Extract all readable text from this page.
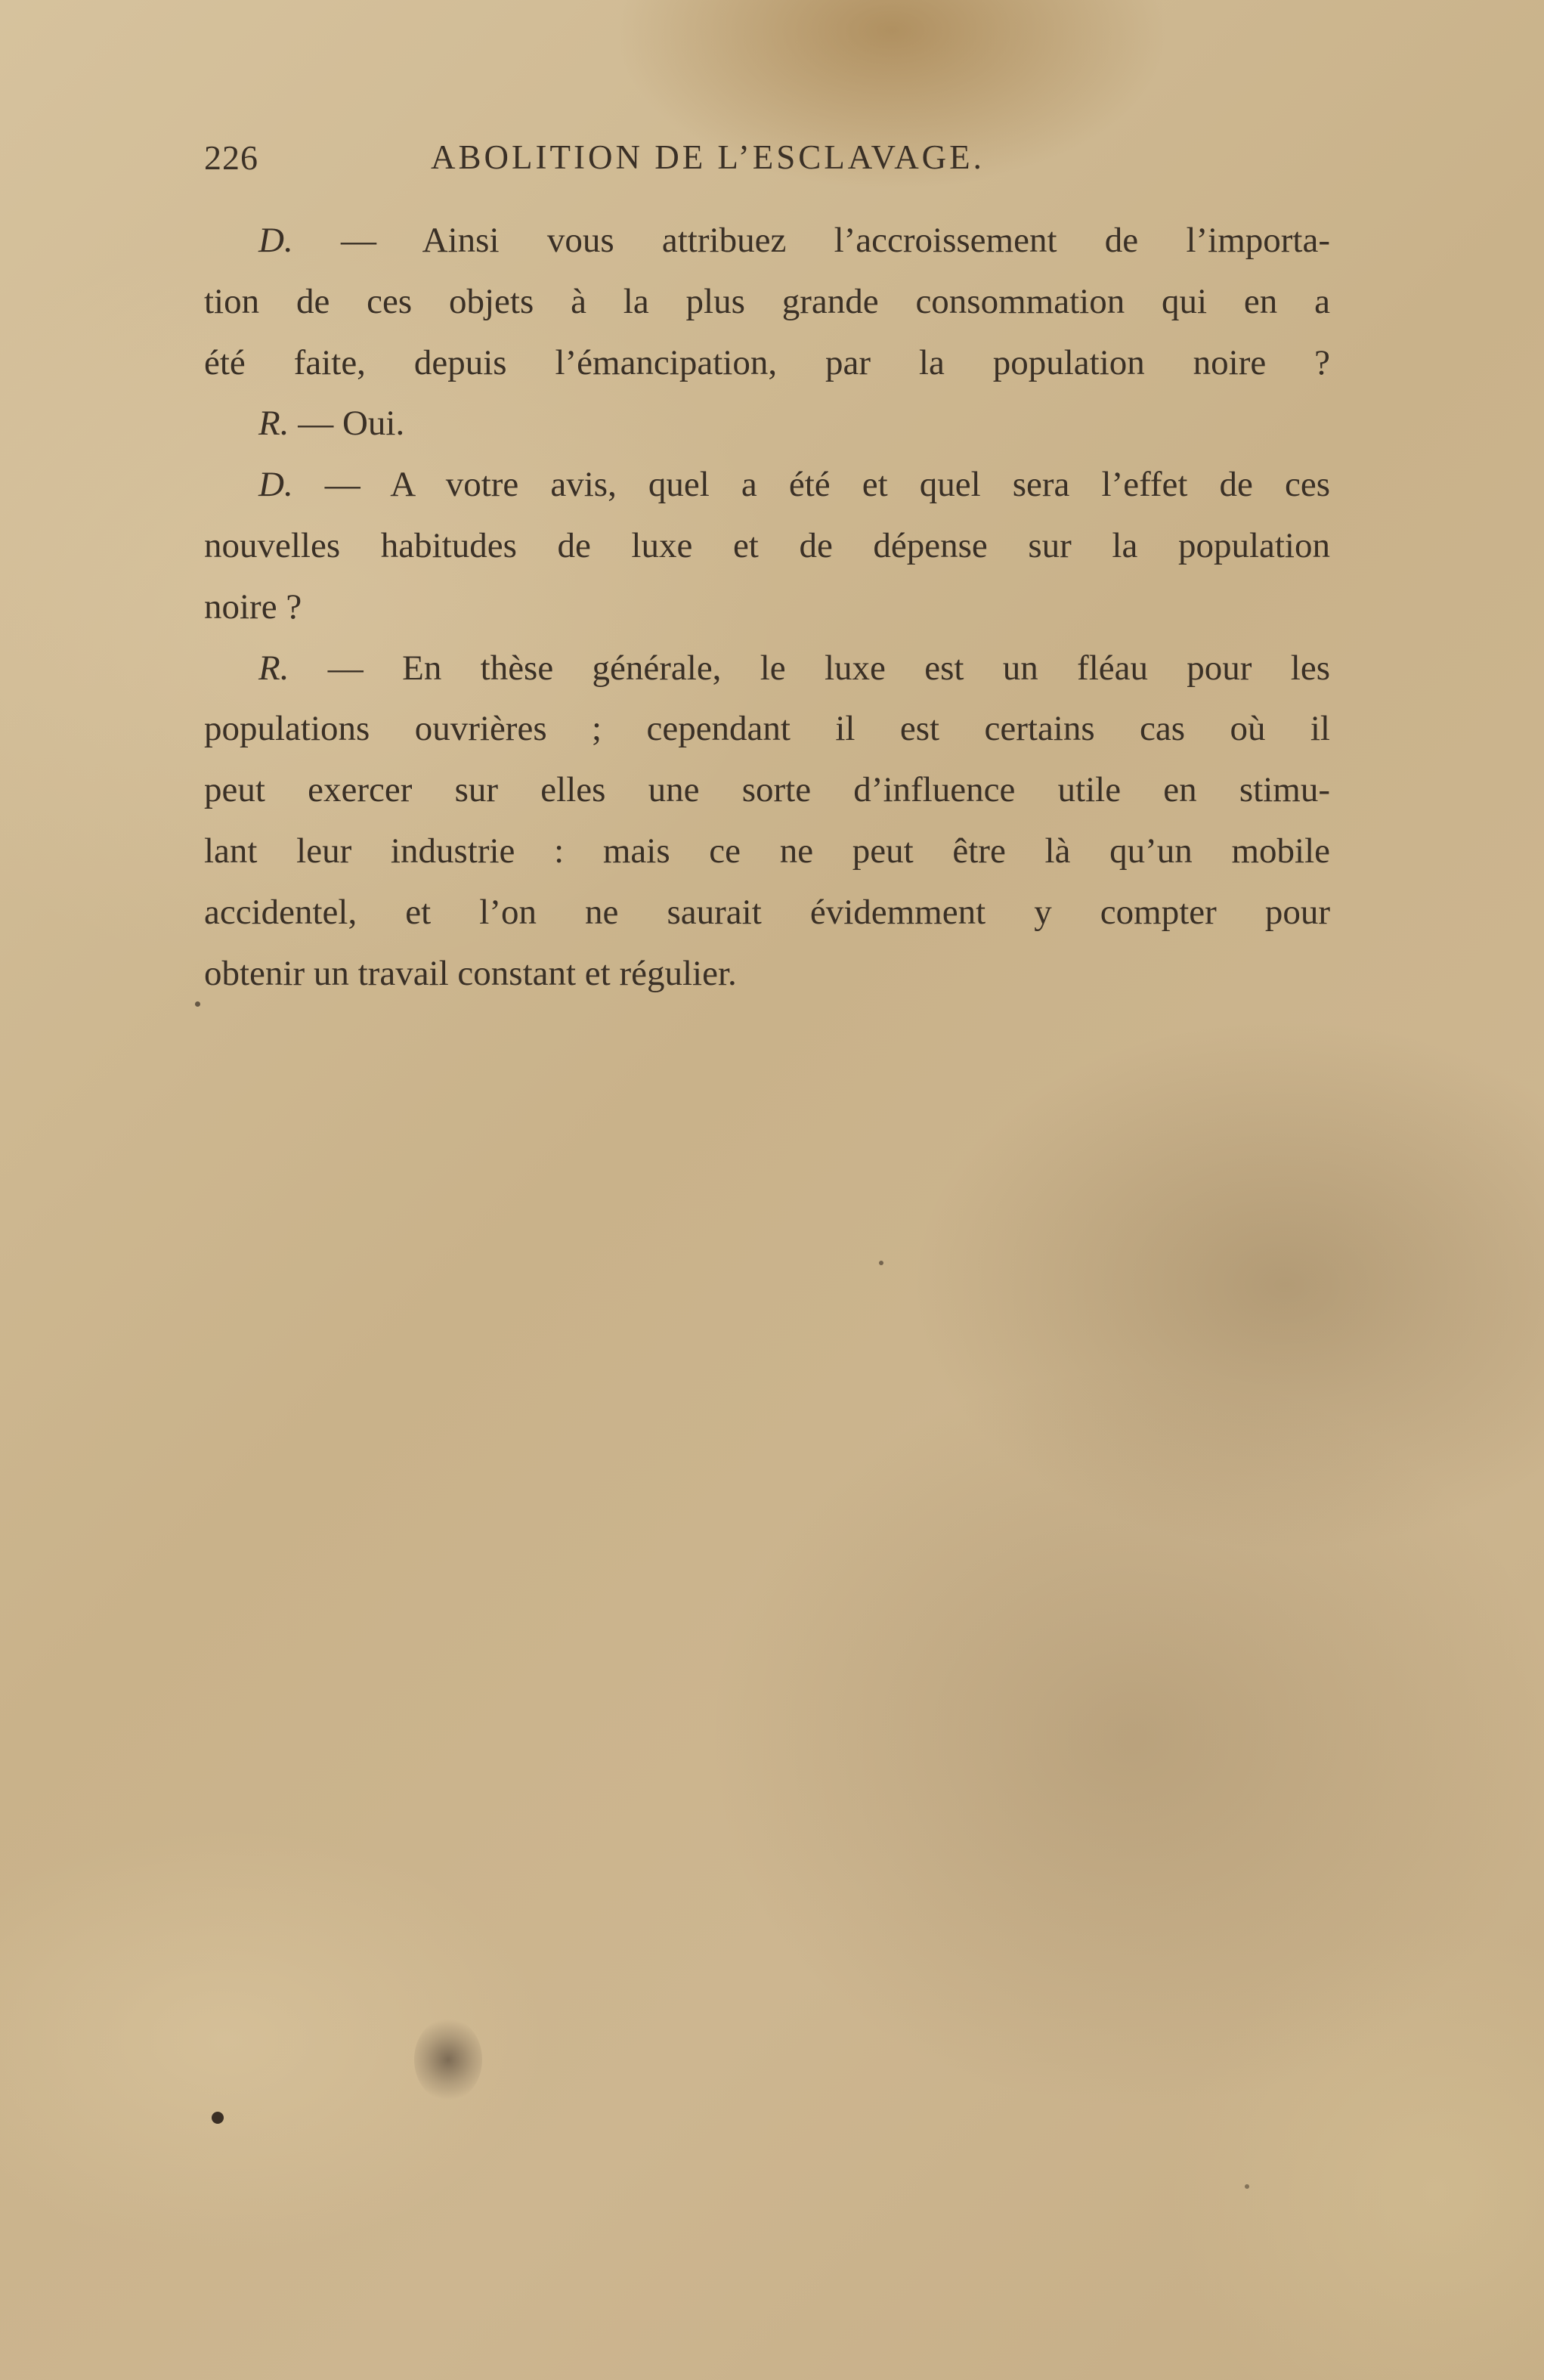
226	ABOLITION DE L’ESCLAVAGE.
D. — Ainsi vous attribuez l’accroissement de l’importa-
tion de ces objets à la plus grande consommation qui en a
été faite, depuis l’émancipation, par la population noire ?
R. — Oui.
D. — A votre avis, quel a été et quel sera l’effet de ces
nouvelles habitudes de luxe et de dépense sur la population
noire ?
R. — En thèse générale, le luxe est un fléau pour les
populations ouvrières ; cependant il est certains cas où il
peut exercer sur elles une sorte d’influence utile en stimu-
lant leur industrie : mais ce ne peut être là qu’un mobile
accidentel, et l’on ne saurait évidemment y compter pour
obtenir un travail constant et régulier.
